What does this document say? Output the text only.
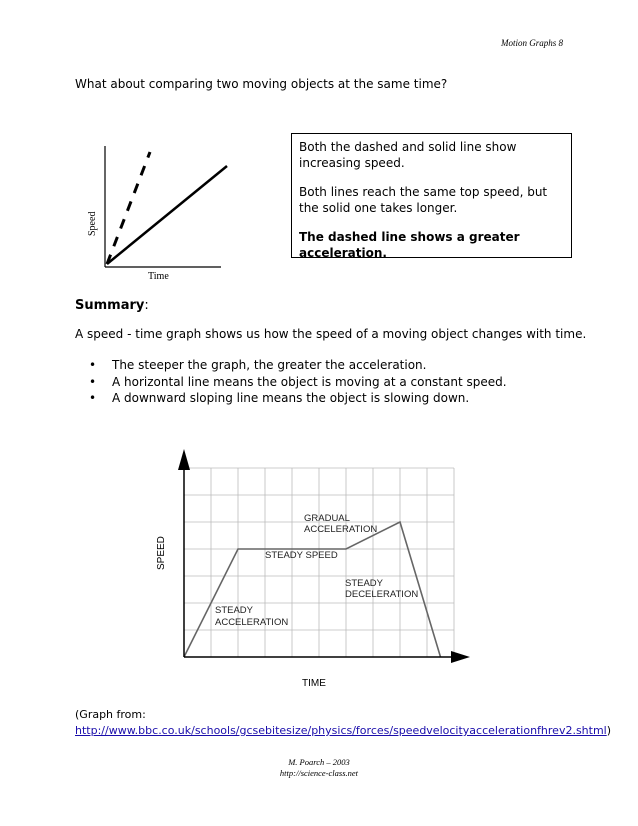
Motion Graphs 8
What about comparing two moving objects at the same time?
Time
Speed

Both the dashed and solid line show increasing speed.

Both lines reach the same top speed, but the solid one takes longer.

The dashed line shows a greater acceleration.

Summary:
A speed - time graph shows us how the speed of a moving object changes with time.
• The steeper the graph, the greater the acceleration.
• A horizontal line means the object is moving at a constant speed.
• A downward sloping line means the object is slowing down.
TIME
SPEED
STEADY
ACCELERATION
STEADY SPEED
GRADUAL
ACCELERATION
STEADY
DECELERATION
(Graph from:
http://www.bbc.co.uk/schools/gcsebitesize/physics/forces/speedvelocityaccelerationfhrev2.shtml)
M. Poarch – 2003
http://science-class.net
